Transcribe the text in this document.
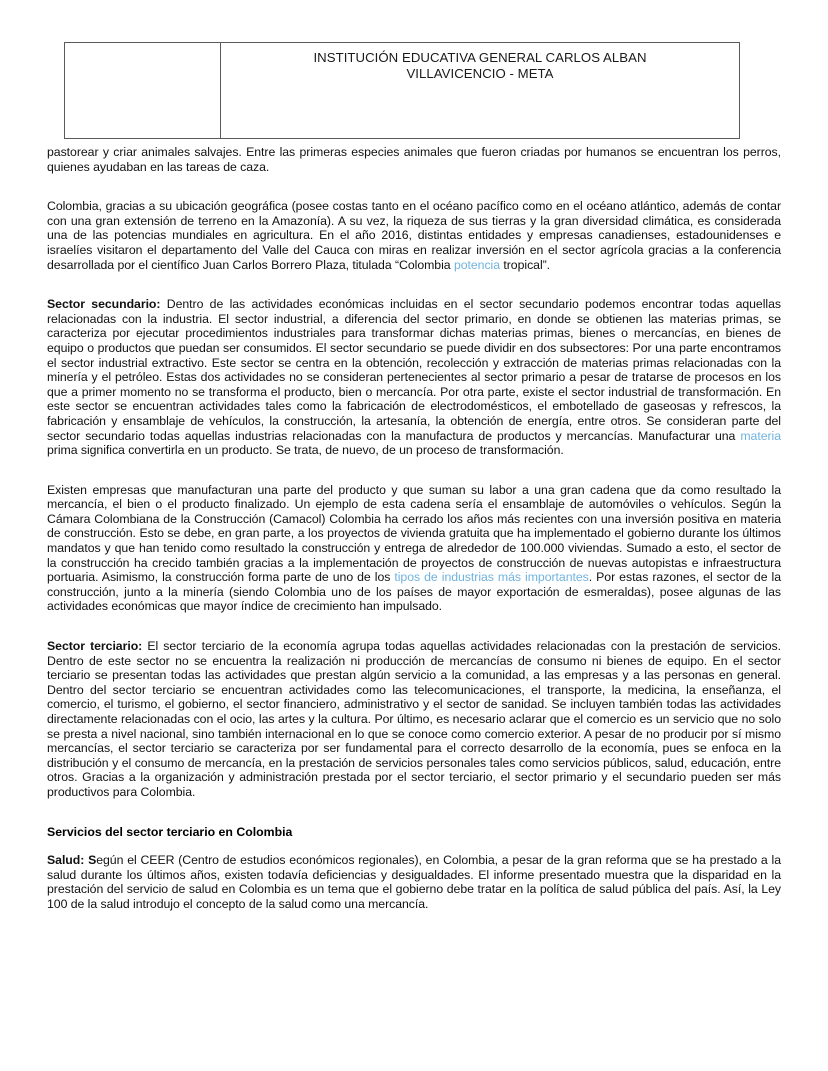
INSTITUCIÓN EDUCATIVA GENERAL CARLOS ALBAN
VILLAVICENCIO - META

pastorear y criar animales salvajes. Entre las primeras especies animales que fueron criadas por humanos se encuentran los perros, quienes ayudaban en las tareas de caza.

Colombia, gracias a su ubicación geográfica (posee costas tanto en el océano pacífico como en el océano atlántico, además de contar con una gran extensión de terreno en la Amazonía). A su vez, la riqueza de sus tierras y la gran diversidad climática, es considerada una de las potencias mundiales en agricultura. En el año 2016, distintas entidades y empresas canadienses, estadounidenses e israelíes visitaron el departamento del Valle del Cauca con miras en realizar inversión en el sector agrícola gracias a la conferencia desarrollada por el científico Juan Carlos Borrero Plaza, titulada “Colombia potencia tropical”.

Sector secundario: Dentro de las actividades económicas incluidas en el sector secundario podemos encontrar todas aquellas relacionadas con la industria. El sector industrial, a diferencia del sector primario, en donde se obtienen las materias primas, se caracteriza por ejecutar procedimientos industriales para transformar dichas materias primas, bienes o mercancías, en bienes de equipo o productos que puedan ser consumidos. El sector secundario se puede dividir en dos subsectores: Por una parte encontramos el sector industrial extractivo. Este sector se centra en la obtención, recolección y extracción de materias primas relacionadas con la minería y el petróleo. Estas dos actividades no se consideran pertenecientes al sector primario a pesar de tratarse de procesos en los que a primer momento no se transforma el producto, bien o mercancía. Por otra parte, existe el sector industrial de transformación. En este sector se encuentran actividades tales como la fabricación de electrodomésticos, el embotellado de gaseosas y refrescos, la fabricación y ensamblaje de vehículos, la construcción, la artesanía, la obtención de energía, entre otros. Se consideran parte del sector secundario todas aquellas industrias relacionadas con la manufactura de productos y mercancías. Manufacturar una materia prima significa convertirla en un producto. Se trata, de nuevo, de un proceso de transformación.

Existen empresas que manufacturan una parte del producto y que suman su labor a una gran cadena que da como resultado la mercancía, el bien o el producto finalizado. Un ejemplo de esta cadena sería el ensamblaje de automóviles o vehículos. Según la Cámara Colombiana de la Construcción (Camacol) Colombia ha cerrado los años más recientes con una inversión positiva en materia de construcción. Esto se debe, en gran parte, a los proyectos de vivienda gratuita que ha implementado el gobierno durante los últimos mandatos y que han tenido como resultado la construcción y entrega de alrededor de 100.000 viviendas. Sumado a esto, el sector de la construcción ha crecido también gracias a la implementación de proyectos de construcción de nuevas autopistas e infraestructura portuaria. Asimismo, la construcción forma parte de uno de los tipos de industrias más importantes. Por estas razones, el sector de la construcción, junto a la minería (siendo Colombia uno de los países de mayor exportación de esmeraldas), posee algunas de las actividades económicas que mayor índice de crecimiento han impulsado.

Sector terciario: El sector terciario de la economía agrupa todas aquellas actividades relacionadas con la prestación de servicios. Dentro de este sector no se encuentra la realización ni producción de mercancías de consumo ni bienes de equipo. En el sector terciario se presentan todas las actividades que prestan algún servicio a la comunidad, a las empresas y a las personas en general. Dentro del sector terciario se encuentran actividades como las telecomunicaciones, el transporte, la medicina, la enseñanza, el comercio, el turismo, el gobierno, el sector financiero, administrativo y el sector de sanidad. Se incluyen también todas las actividades directamente relacionadas con el ocio, las artes y la cultura. Por último, es necesario aclarar que el comercio es un servicio que no solo se presta a nivel nacional, sino también internacional en lo que se conoce como comercio exterior. A pesar de no producir por sí mismo mercancías, el sector terciario se caracteriza por ser fundamental para el correcto desarrollo de la economía, pues se enfoca en la distribución y el consumo de mercancía, en la prestación de servicios personales tales como servicios públicos, salud, educación, entre otros. Gracias a la organización y administración prestada por el sector terciario, el sector primario y el secundario pueden ser más productivos para Colombia.

Servicios del sector terciario en Colombia

Salud: Según el CEER (Centro de estudios económicos regionales), en Colombia, a pesar de la gran reforma que se ha prestado a la salud durante los últimos años, existen todavía deficiencias y desigualdades. El informe presentado muestra que la disparidad en la prestación del servicio de salud en Colombia es un tema que el gobierno debe tratar en la política de salud pública del país. Así, la Ley 100 de la salud introdujo el concepto de la salud como una mercancía.
